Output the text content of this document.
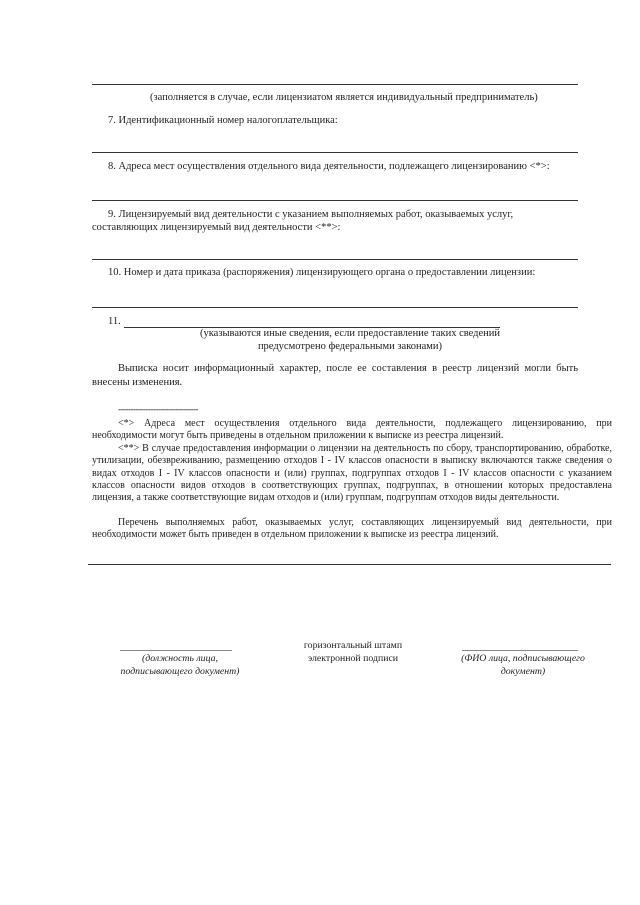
(заполняется в случае, если лицензиатом является индивидуальный предприниматель)
7. Идентификационный номер налогоплательщика:
8. Адреса мест осуществления отдельного вида деятельности, подлежащего лицензированию <*>:
9. Лицензируемый вид деятельности с указанием выполняемых работ, оказываемых услуг,
составляющих лицензируемый вид деятельности <**>:
10. Номер и дата приказа (распоряжения) лицензирующего органа о предоставлении лицензии:
11.
(указываются иные сведения, если предоставление таких сведений
предусмотрено федеральными законами)
Выписка носит информационный характер, после ее составления в реестр лицензий могли быть внесены изменения.
--------------------------------
<*> Адреса мест осуществления отдельного вида деятельности, подлежащего лицензированию, при необходимости могут быть приведены в отдельном приложении к выписке из реестра лицензий.
<**> В случае предоставления информации о лицензии на деятельность по сбору, транспортированию, обработке, утилизации, обезвреживанию, размещению отходов I - IV классов опасности в выписку включаются также сведения о видах отходов I - IV классов опасности и (или) группах, подгруппах отходов I - IV классов опасности с указанием классов опасности видов отходов в соответствующих группах, подгруппах, в отношении которых предоставлена лицензия, а также соответствующие видам отходов и (или) группам, подгруппам отходов виды деятельности.
Перечень выполняемых работ, оказываемых услуг, составляющих лицензируемый вид деятельности, при необходимости может быть приведен в отдельном приложении к выписке из реестра лицензий.
(должность лица,
подписывающего документ)
горизонтальный штамп
электронной подписи	(ФИО лица, подписывающего
документ)
